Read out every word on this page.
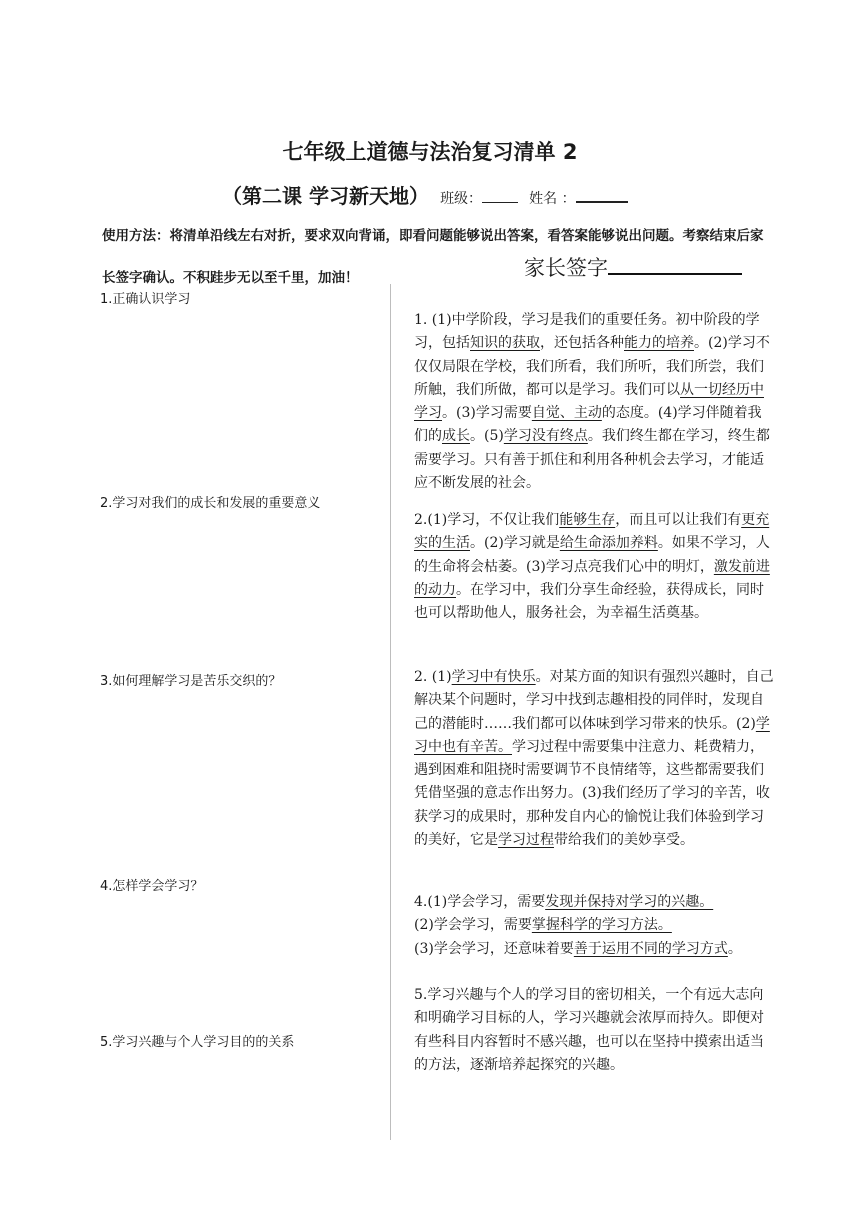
七年级上道德与法治复习清单 2
（第二课 学习新天地） 班级：	姓名 ：
使用方法：将清单沿线左右对折，要求双向背诵，即看问题能够说出答案，看答案能够说出问题。考察结束后家长签字确认。不积跬步无以至千里，加油！	家长签字
1.正确认识学习
2.学习对我们的成长和发展的重要意义
3.如何理解学习是苦乐交织的？
4.怎样学会学习？
5.学习兴趣与个人学习目的的关系
1. (1)中学阶段，学习是我们的重要任务。初中阶段的学习，包括知识的获取，还包括各种能力的培养。(2)学习不仅仅局限在学校，我们所看，我们所听，我们所尝，我们所触，我们所做，都可以是学习。我们可以从一切经历中学习。(3)学习需要自觉、主动的态度。(4)学习伴随着我们的成长。(5)学习没有终点。我们终生都在学习，终生都需要学习。只有善于抓住和利用各种机会去学习，才能适应不断发展的社会。
2.(1)学习，不仅让我们能够生存，而且可以让我们有更充实的生活。(2)学习就是给生命添加养料。如果不学习，人的生命将会枯萎。(3)学习点亮我们心中的明灯，激发前进的动力。在学习中，我们分享生命经验，获得成长，同时也可以帮助他人，服务社会，为幸福生活奠基。
2. (1)学习中有快乐。对某方面的知识有强烈兴趣时，自己解决某个问题时，学习中找到志趣相投的同伴时，发现自己的潜能时……我们都可以体味到学习带来的快乐。(2)学习中也有辛苦。学习过程中需要集中注意力、耗费精力，遇到困难和阻挠时需要调节不良情绪等，这些都需要我们凭借坚强的意志作出努力。(3)我们经历了学习的辛苦，收获学习的成果时，那种发自内心的愉悦让我们体验到学习的美好，它是学习过程带给我们的美妙享受。
4.(1)学会学习，需要发现并保持对学习的兴趣。
(2)学会学习，需要掌握科学的学习方法。
(3)学会学习，还意味着要善于运用不同的学习方式。
5.学习兴趣与个人的学习目的密切相关，一个有远大志向和明确学习目标的人，学习兴趣就会浓厚而持久。即便对有些科目内容暂时不感兴趣，也可以在坚持中摸索出适当的方法，逐渐培养起探究的兴趣。
